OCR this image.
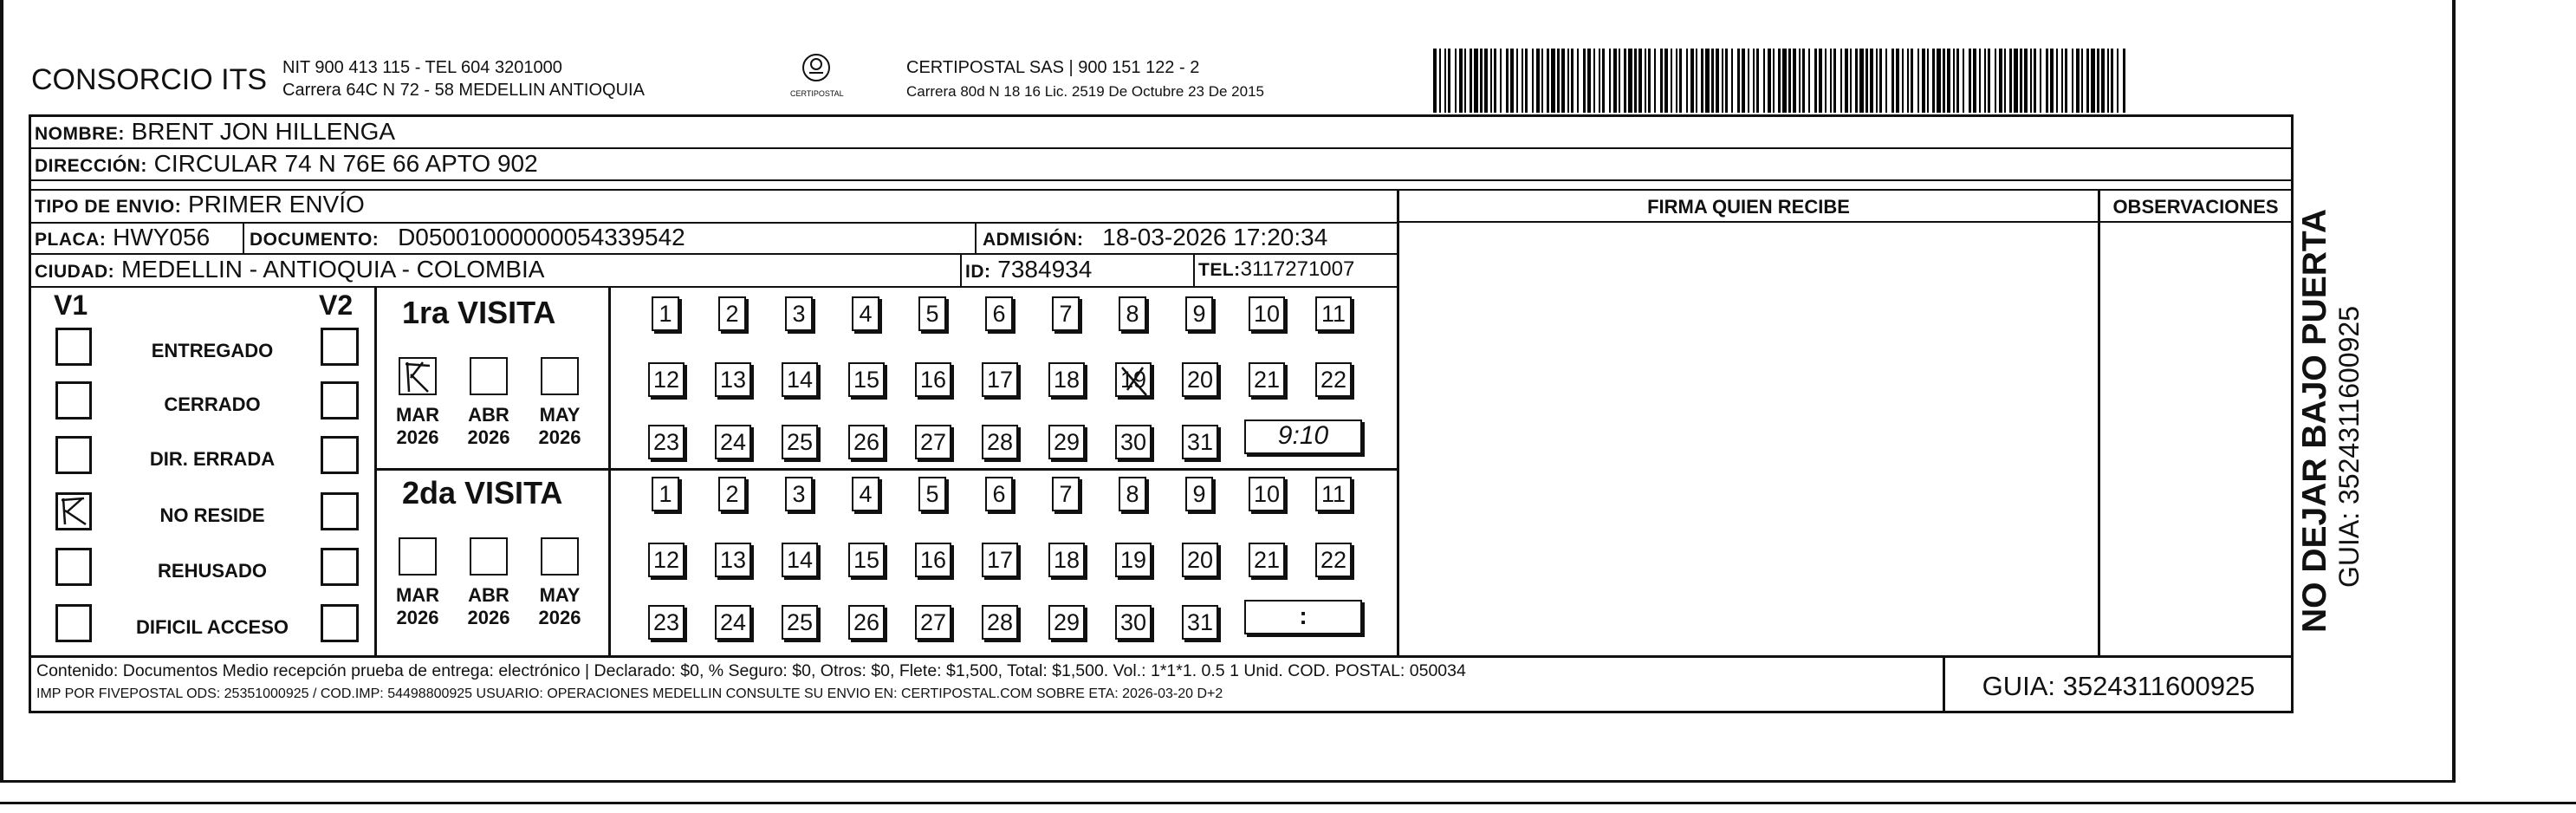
CONSORCIO ITS NIT 900 413 115 - TEL 604 3201000
Carrera 64C N 72 - 58 MEDELLIN ANTIOQUIA	CERTIPOSTAL
CERTIPOSTAL SAS | 900 151 122 - 2
Carrera 80d N 18 16 Lic. 2519 De Octubre 23 De 2015
NOMBRE: BRENT JON HILLENGA
DIRECCIÓN: CIRCULAR 74 N 76E 66 APTO 902
TIPO DE ENVIO: PRIMER ENVÍO
PLACA: HWY056 DOCUMENTO: D05001000000054339542	ADMISIÓN: 18-03-2026 17:20:34
CIUDAD: MEDELLIN - ANTIOQUIA - COLOMBIA	ID: 7384934	TEL:3117271007
FIRMA QUIEN RECIBE	OBSERVACIONES
V1	V2
ENTREGADO
CERRADO
DIR. ERRADA
NO RESIDE
REHUSADO
DIFICIL ACCESO
1ra VISITA
2da VISITA
MAR
2026
ABR
2026
MAY
2026
MAR
2026
ABR
2026
MAY
2026
1	2	3	4	5	6	7	8	9	10 11
12 13 14 15 16 17 18 19 20 21 22
23 24 25 26 27 28 29 30 31
1	2	3	4	5	6	7	8	9	10 11
12 13 14 15 16 17 18 19 20 21 22
23 24 25 26 27 28 29 30 31
9:10
:
Contenido: Documentos Medio recepción prueba de entrega: electrónico | Declarado: $0, % Seguro: $0, Otros: $0, Flete: $1,500, Total: $1,500. Vol.: 1*1*1. 0.5 1 Unid. COD. POSTAL: 050034
IMP POR FIVEPOSTAL ODS: 25351000925 / COD.IMP: 54498800925 USUARIO: OPERACIONES MEDELLIN CONSULTE SU ENVIO EN: CERTIPOSTAL.COM SOBRE ETA: 2026-03-20 D+2	GUIA: 3524311600925
NO DEJAR BAJO PUERTA GUIA: 3524311600925
